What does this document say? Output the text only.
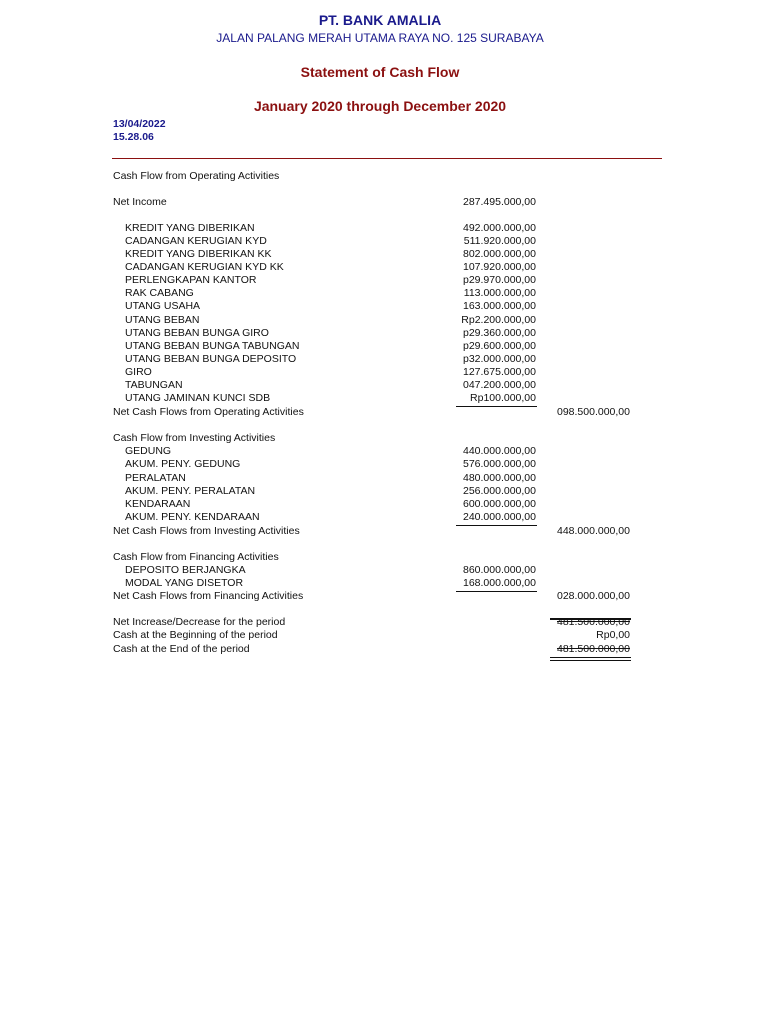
PT. BANK AMALIA
JALAN PALANG MERAH UTAMA RAYA NO. 125 SURABAYA
Statement of Cash Flow
January 2020 through December 2020
13/04/2022
15.28.06
Cash Flow from Operating Activities
Net Income	287.495.000,00
KREDIT YANG DIBERIKAN	492.000.000,00
CADANGAN KERUGIAN KYD	511.920.000,00
KREDIT YANG DIBERIKAN KK	802.000.000,00
CADANGAN KERUGIAN KYD KK	107.920.000,00
PERLENGKAPAN KANTOR	p29.970.000,00
RAK CABANG	113.000.000,00
UTANG USAHA	163.000.000,00
UTANG BEBAN	Rp2.200.000,00
UTANG BEBAN BUNGA GIRO	p29.360.000,00
UTANG BEBAN BUNGA TABUNGAN	p29.600.000,00
UTANG BEBAN BUNGA DEPOSITO	p32.000.000,00
GIRO	127.675.000,00
TABUNGAN	047.200.000,00
UTANG JAMINAN KUNCI SDB	Rp100.000,00
Net Cash Flows from Operating Activities	098.500.000,00
Cash Flow from Investing Activities
GEDUNG	440.000.000,00
AKUM. PENY. GEDUNG	576.000.000,00
PERALATAN	480.000.000,00
AKUM. PENY. PERALATAN	256.000.000,00
KENDARAAN	600.000.000,00
AKUM. PENY. KENDARAAN	240.000.000,00
Net Cash Flows from Investing Activities	448.000.000,00
Cash Flow from Financing Activities
DEPOSITO BERJANGKA	860.000.000,00
MODAL YANG DISETOR	168.000.000,00
Net Cash Flows from Financing Activities	028.000.000,00
Net Increase/Decrease for the period	481.500.000,00
Cash at the Beginning of the period	Rp0,00
Cash at the End of the period	481.500.000,00
